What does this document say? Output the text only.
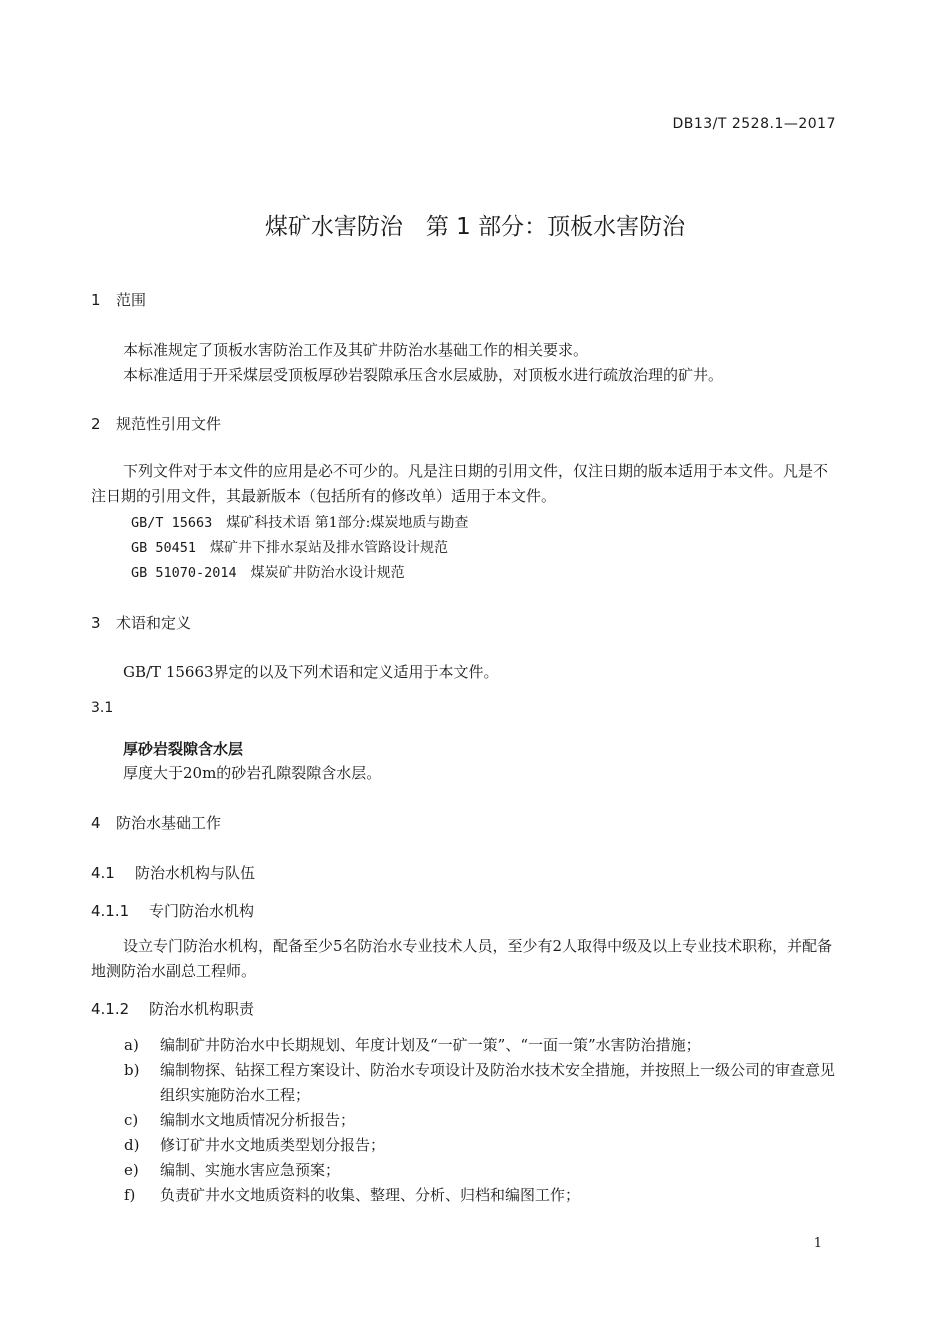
DB13/T 2528.1—2017
煤矿水害防治　第 1 部分：顶板水害防治
1 范围
本标准规定了顶板水害防治工作及其矿井防治水基础工作的相关要求。
本标准适用于开采煤层受顶板厚砂岩裂隙承压含水层威胁，对顶板水进行疏放治理的矿井。
2 规范性引用文件
下列文件对于本文件的应用是必不可少的。凡是注日期的引用文件，仅注日期的版本适用于本文件。凡是不注日期的引用文件，其最新版本（包括所有的修改单）适用于本文件。
GB/T 15663 煤矿科技术语 第1部分:煤炭地质与勘查
GB 50451 煤矿井下排水泵站及排水管路设计规范
GB 51070-2014 煤炭矿井防治水设计规范
3 术语和定义
GB/T 15663界定的以及下列术语和定义适用于本文件。
3.1
厚砂岩裂隙含水层
厚度大于20m的砂岩孔隙裂隙含水层。
4 防治水基础工作
4.1 防治水机构与队伍
4.1.1 专门防治水机构
设立专门防治水机构，配备至少5名防治水专业技术人员，至少有2人取得中级及以上专业技术职称，并配备地测防治水副总工程师。
4.1.2 防治水机构职责
a) 编制矿井防治水中长期规划、年度计划及“一矿一策”、“一面一策”水害防治措施；
b) 编制物探、钻探工程方案设计、防治水专项设计及防治水技术安全措施，并按照上一级公司的审查意见组织实施防治水工程；
c) 编制水文地质情况分析报告；
d) 修订矿井水文地质类型划分报告；
e) 编制、实施水害应急预案；
f) 负责矿井水文地质资料的收集、整理、分析、归档和编图工作；
1
